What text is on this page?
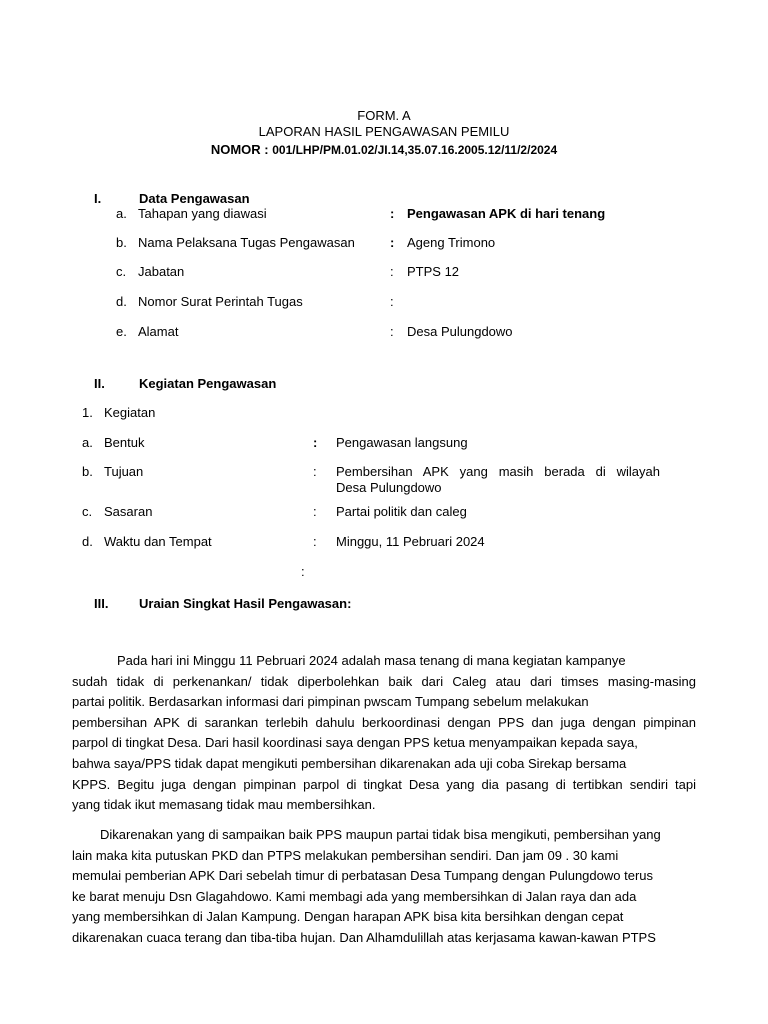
FORM. A
LAPORAN HASIL PENGAWASAN PEMILU
NOMOR : 001/LHP/PM.01.02/JI.14,35.07.16.2005.12/11/2/2024
I.	Data Pengawasan
a. Tahapan yang diawasi	: Pengawasan APK di hari tenang
b. Nama Pelaksana Tugas Pengawasan	: Ageng Trimono
c. Jabatan	: PTPS 12
d. Nomor Surat Perintah Tugas	:
e. Alamat	: Desa Pulungdowo
II.	Kegiatan Pengawasan
1. Kegiatan
a. Bentuk	: Pengawasan langsung
b. Tujuan	: Pembersihan APK yang masih berada di wilayah
Desa Pulungdowo
c. Sasaran	: Partai politik dan caleg
d. Waktu dan Tempat	: Minggu, 11 Pebruari 2024
:
III. Uraian Singkat Hasil Pengawasan:
Pada hari ini Minggu 11 Pebruari 2024 adalah masa tenang di mana kegiatan kampanye
sudah tidak di perkenankan/ tidak diperbolehkan baik dari Caleg atau dari timses masing-masing
partai politik. Berdasarkan informasi dari pimpinan pwscam Tumpang sebelum melakukan
pembersihan APK di sarankan terlebih dahulu berkoordinasi dengan PPS dan juga dengan pimpinan
parpol di tingkat Desa. Dari hasil koordinasi saya dengan PPS ketua menyampaikan kepada saya,
bahwa saya/PPS tidak dapat mengikuti pembersihan dikarenakan ada uji coba Sirekap bersama
KPPS. Begitu juga dengan pimpinan parpol di tingkat Desa yang dia pasang di tertibkan sendiri tapi
yang tidak ikut memasang tidak mau membersihkan.
Dikarenakan yang di sampaikan baik PPS maupun partai tidak bisa mengikuti, pembersihan yang
lain maka kita putuskan PKD dan PTPS melakukan pembersihan sendiri. Dan jam 09 . 30 kami
memulai pemberian APK Dari sebelah timur di perbatasan Desa Tumpang dengan Pulungdowo terus
ke barat menuju Dsn Glagahdowo. Kami membagi ada yang membersihkan di Jalan raya dan ada
yang membersihkan di Jalan Kampung. Dengan harapan APK bisa kita bersihkan dengan cepat
dikarenakan cuaca terang dan tiba-tiba hujan. Dan Alhamdulillah atas kerjasama kawan-kawan PTPS
